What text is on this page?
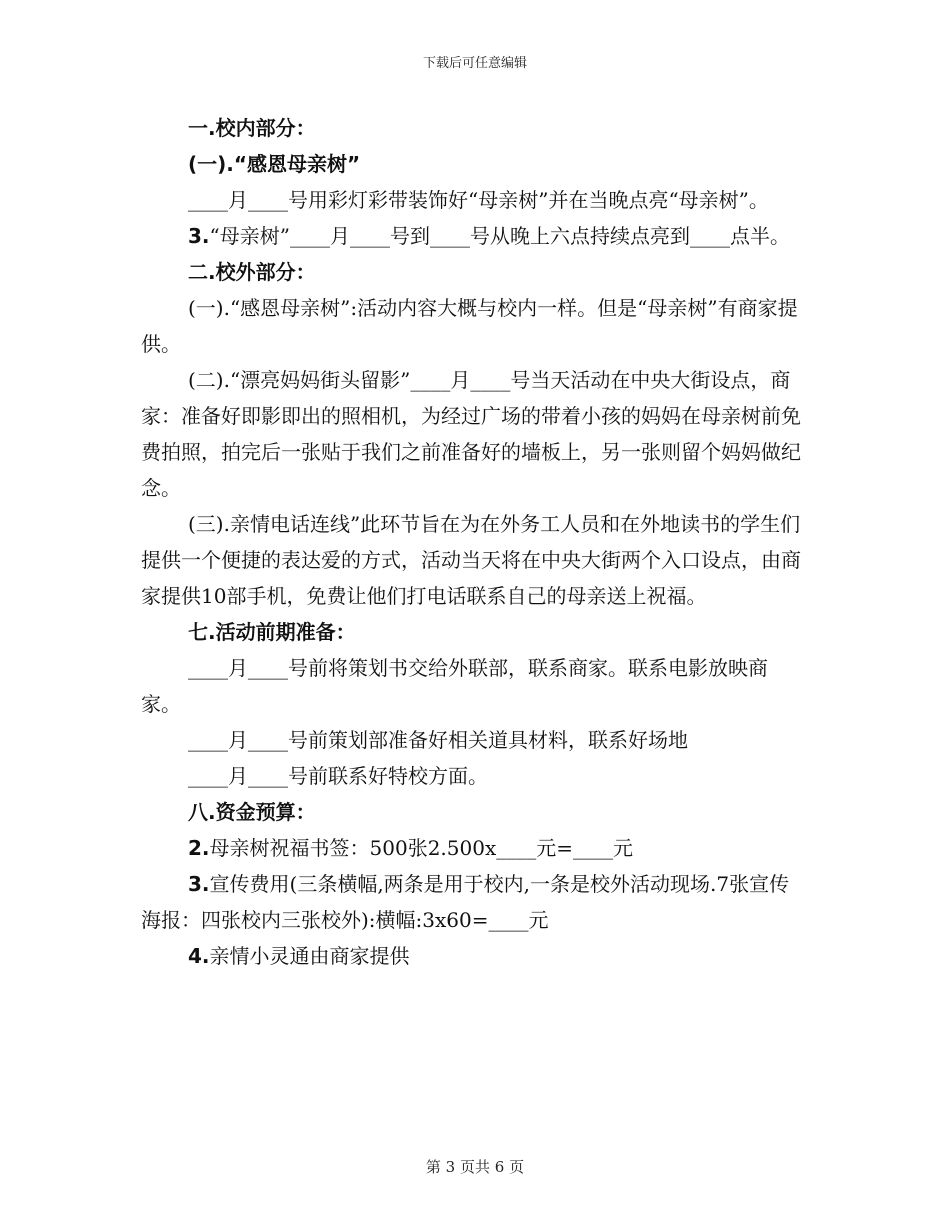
下载后可任意编辑

一.校内部分：

(一).“感恩母亲树”

____月____号用彩灯彩带装饰好“母亲树”并在当晚点亮“母亲树”。

3.“母亲树”____月____号到____号从晚上六点持续点亮到____点半。

二.校外部分：

(一).“感恩母亲树”:活动内容大概与校内一样。但是“母亲树”有商家提供。

(二).“漂亮妈妈街头留影”____月____号当天活动在中央大街设点，商家：准备好即影即出的照相机，为经过广场的带着小孩的妈妈在母亲树前免费拍照，拍完后一张贴于我们之前准备好的墙板上，另一张则留个妈妈做纪念。

(三).亲情电话连线”此环节旨在为在外务工人员和在外地读书的学生们提供一个便捷的表达爱的方式，活动当天将在中央大街两个入口设点，由商家提供10部手机，免费让他们打电话联系自己的母亲送上祝福。

七.活动前期准备：

____月____号前将策划书交给外联部，联系商家。联系电影放映商家。

____月____号前策划部准备好相关道具材料，联系好场地

____月____号前联系好特校方面。

八.资金预算：

2.母亲树祝福书签：500张2.500x____元=____元

3.宣传费用(三条横幅,两条是用于校内,一条是校外活动现场.7张宣传海报：四张校内三张校外):横幅:3x60=____元

4.亲情小灵通由商家提供

第 3 页共 6 页
